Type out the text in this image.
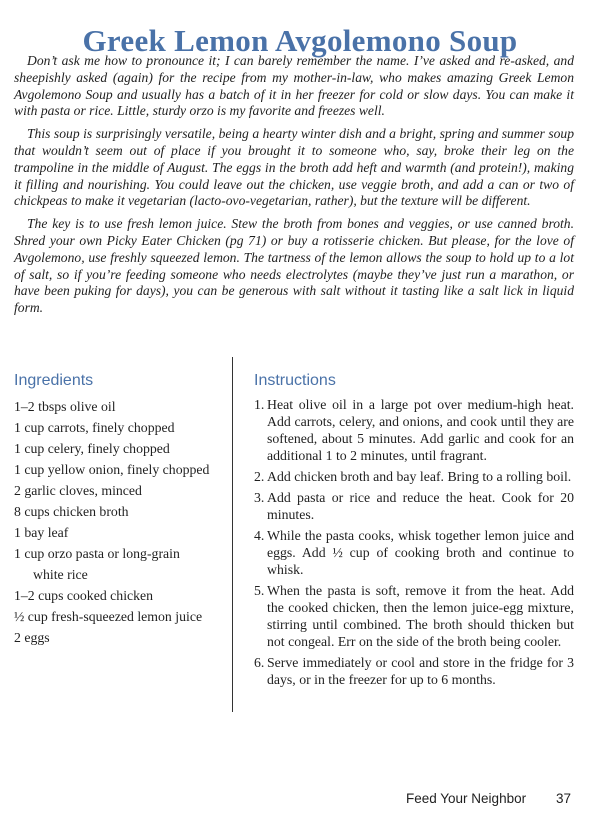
Greek Lemon Avgolemono Soup

Don’t ask me how to pronounce it; I can barely remember the name. I’ve asked and re-asked, and sheepishly asked (again) for the recipe from my mother-in-law, who makes amazing Greek Lemon Avgolemono Soup and usually has a batch of it in her freezer for cold or slow days. You can make it with pasta or rice. Little, sturdy orzo is my favorite and freezes well.

This soup is surprisingly versatile, being a hearty winter dish and a bright, spring and summer soup that wouldn’t seem out of place if you brought it to someone who, say, broke their leg on the trampoline in the middle of August. The eggs in the broth add heft and warmth (and protein!), making it filling and nourishing. You could leave out the chicken, use veggie broth, and add a can or two of chickpeas to make it vegetarian (lacto-ovo-vegetarian, rather), but the texture will be different.

The key is to use fresh lemon juice. Stew the broth from bones and veggies, or use canned broth. Shred your own Picky Eater Chicken (pg 71) or buy a rotisserie chicken. But please, for the love of Avgolemono, use freshly squeezed lemon. The tartness of the lemon allows the soup to hold up to a lot of salt, so if you’re feeding someone who needs electrolytes (maybe they’ve just run a marathon, or have been puking for days), you can be generous with salt without it tasting like a salt lick in liquid form.

Ingredients
1–2 tbsps olive oil
1 cup carrots, finely chopped
1 cup celery, finely chopped
1 cup yellow onion, finely chopped
2 garlic cloves, minced
8 cups chicken broth
1 bay leaf
1 cup orzo pasta or long-grain
white rice
1–2 cups cooked chicken
½ cup fresh-squeezed lemon juice
2 eggs
Instructions
1. Heat olive oil in a large pot over medium-high heat. Add carrots, celery, and onions, and cook until they are softened, about 5 minutes. Add garlic and cook for an additional 1 to 2 minutes, until fragrant.
2. Add chicken broth and bay leaf. Bring to a rolling boil.
3. Add pasta or rice and reduce the heat. Cook for 20 minutes.
4. While the pasta cooks, whisk together lemon juice and eggs. Add ½ cup of cooking broth and continue to whisk.
5. When the pasta is soft, remove it from the heat. Add the cooked chicken, then the lemon juice-egg mixture, stirring until combined. The broth should thicken but not congeal. Err on the side of the broth being cooler.
6. Serve immediately or cool and store in the fridge for 3 days, or in the freezer for up to 6 months.
Feed Your Neighbor 37
